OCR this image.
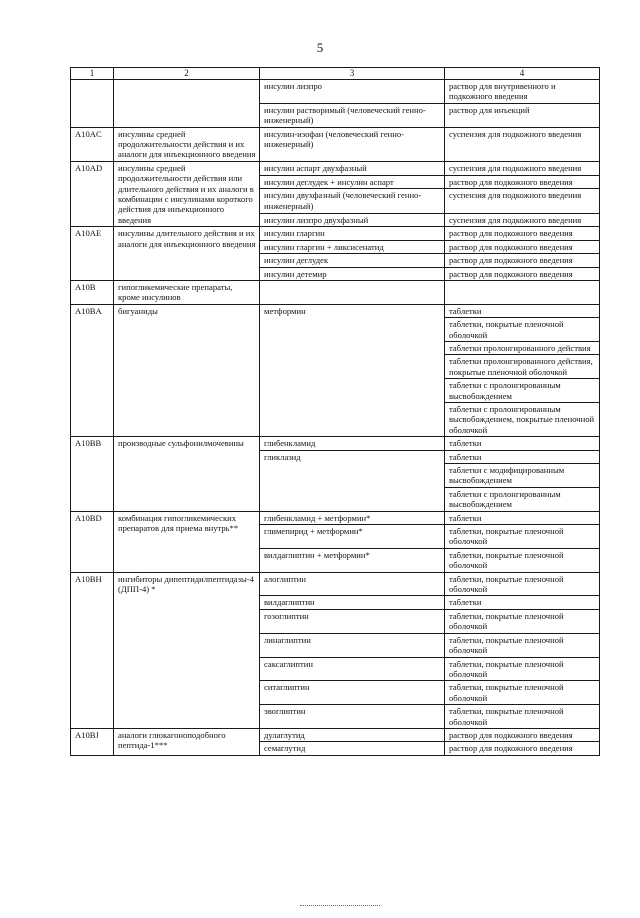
5
1	2	3	4
		инсулин лизпро	раствор для внутривенного и подкожного введения
		инсулин растворимый (человеческий генно-инженерный)	раствор для инъекций
A10AC	инсулины средней продолжительности действия и их аналоги для инъекционного введения	инсулин-изофан (человеческий генно-инженерный)	суспензия для подкожного введения
A10AD	инсулины средней продолжительности действия или длительного действия и их аналоги в комбинации с инсулинами короткого действия для инъекционного введения	инсулин аспарт двухфазный	суспензия для подкожного введения
		инсулин деглудек + инсулин аспарт	раствор для подкожного введения
		инсулин двухфазный (человеческий генно-инженерный)	суспензия для подкожного введения
		инсулин лизпро двухфазный	суспензия для подкожного введения
A10AE	инсулины длительного действия и их аналоги для инъекционного введения	инсулин гларгин	раствор для подкожного введения
		инсулин гларгин + ликсисенатид	раствор для подкожного введения
		инсулин деглудек	раствор для подкожного введения
		инсулин детемир	раствор для подкожного введения
A10B	гипогликемические препараты, кроме инсулинов		
A10BA	бигуаниды	метформин	таблетки
			таблетки, покрытые пленочной оболочкой
			таблетки пролонгированного действия
			таблетки пролонгированного действия, покрытые пленочной оболочкой
			таблетки с пролонгированным высвобождением
			таблетки с пролонгированным высвобождением, покрытые пленочной оболочкой
A10BB	производные сульфонилмочевины	глибенкламид	таблетки
		гликлазид	таблетки
			таблетки с модифицированным высвобождением
			таблетки с пролонгированным высвобождением
A10BD	комбинация гипогликемических препаратов для приема внутрь**	глибенкламид + метформин*	таблетки
		глимепирид + метформин*	таблетки, покрытые пленочной оболочкой
		вилдаглиптин + метформин*	таблетки, покрытые пленочной оболочкой
A10BH	ингибиторы дипептидилпептидазы-4 (ДПП-4) *	алоглиптин	таблетки, покрытые пленочной оболочкой
		вилдаглиптин	таблетки
		гозоглиптин	таблетки, покрытые пленочной оболочкой
		линаглиптин	таблетки, покрытые пленочной оболочкой
		саксаглиптин	таблетки, покрытые пленочной оболочкой
		ситаглиптин	таблетки, покрытые пленочной оболочкой
		эвоглиптин	таблетки, покрытые пленочной оболочкой
A10BJ	аналоги глюкагоноподобного пептида-1***	дулаглутид	раствор для подкожного введения
		семаглутид	раствор для подкожного введения
